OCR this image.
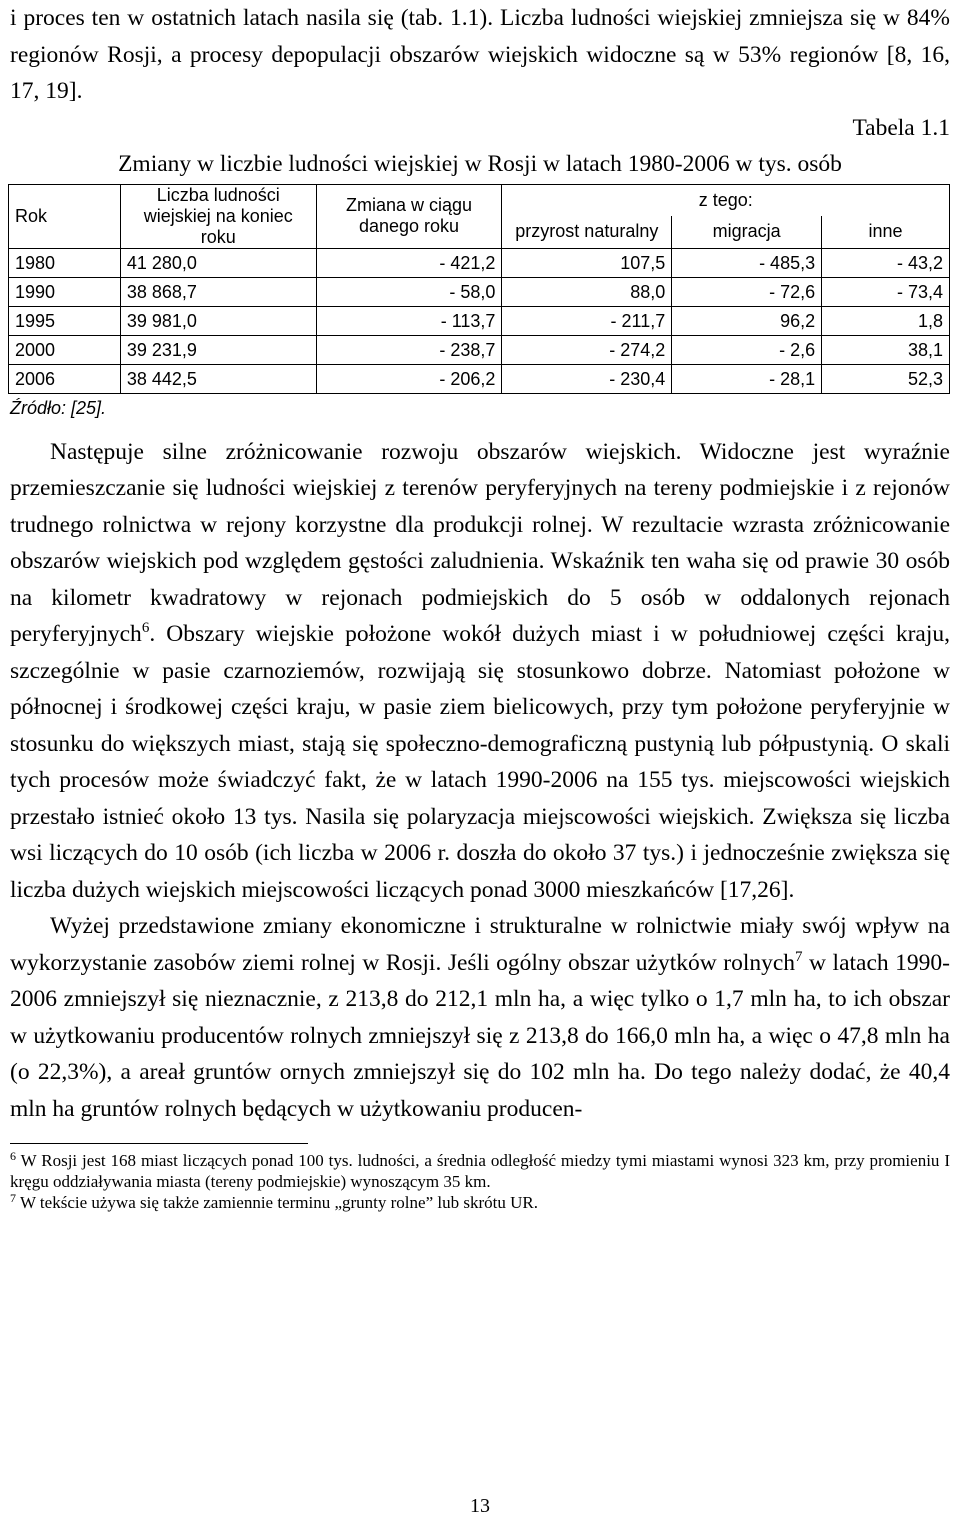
i proces ten w ostatnich latach nasila się (tab. 1.1). Liczba ludności wiejskiej zmniejsza się w 84% regionów Rosji, a procesy depopulacji obszarów wiejskich widoczne są w 53% regionów [8, 16, 17, 19].

Tabela 1.1

Zmiany w liczbie ludności wiejskiej w Rosji w latach 1980-2006 w tys. osób

Rok	Liczba ludności wiejskiej na koniec roku	Zmiana w ciągu danego roku	z tego:		
			przyrost naturalny	migracja	inne
1980	41 280,0	- 421,2	107,5	- 485,3	- 43,2
1990	38 868,7	- 58,0	88,0	- 72,6	- 73,4
1995	39 981,0	- 113,7	- 211,7	96,2	1,8
2000	39 231,9	- 238,7	- 274,2	- 2,6	38,1
2006	38 442,5	- 206,2	- 230,4	- 28,1	52,3

Źródło: [25].

Następuje silne zróżnicowanie rozwoju obszarów wiejskich. Widoczne jest wyraźnie przemieszczanie się ludności wiejskiej z terenów peryferyjnych na tereny podmiejskie i z rejonów trudnego rolnictwa w rejony korzystne dla produkcji rolnej. W rezultacie wzrasta zróżnicowanie obszarów wiejskich pod względem gęstości zaludnienia. Wskaźnik ten waha się od prawie 30 osób na kilometr kwadratowy w rejonach podmiejskich do 5 osób w oddalonych rejonach peryferyjnych$^6$. Obszary wiejskie położone wokół dużych miast i w południowej części kraju, szczególnie w pasie czarnoziemów, rozwijają się stosunkowo dobrze. Natomiast położone w północnej i środkowej części kraju, w pasie ziem bielicowych, przy tym położone peryferyjnie w stosunku do większych miast, stają się społeczno-demograficzną pustynią lub półpustynią. O skali tych procesów może świadczyć fakt, że w latach 1990-2006 na 155 tys. miejscowości wiejskich przestało istnieć około 13 tys. Nasila się polaryzacja miejscowości wiejskich. Zwiększa się liczba wsi liczących do 10 osób (ich liczba w 2006 r. doszła do około 37 tys.) i jednocześnie zwiększa się liczba dużych wiejskich miejscowości liczących ponad 3000 mieszkańców [17,26].

Wyżej przedstawione zmiany ekonomiczne i strukturalne w rolnictwie miały swój wpływ na wykorzystanie zasobów ziemi rolnej w Rosji. Jeśli ogólny obszar użytków rolnych$^7$ w latach 1990-2006 zmniejszył się nieznacznie, z 213,8 do 212,1 mln ha, a więc tylko o 1,7 mln ha, to ich obszar w użytkowaniu producentów rolnych zmniejszył się z 213,8 do 166,0 mln ha, a więc o 47,8 mln ha (o 22,3%), a areał gruntów ornych zmniejszył się do 102 mln ha. Do tego należy dodać, że 40,4 mln ha gruntów rolnych będących w użytkowaniu producen-

$^6$ W Rosji jest 168 miast liczących ponad 100 tys. ludności, a średnia odległość miedzy tymi miastami wynosi 323 km, przy promieniu I kręgu oddziaływania miasta (tereny podmiejskie) wynoszącym 35 km.

$^7$ W tekście używa się także zamiennie terminu „grunty rolne” lub skrótu UR.

13
